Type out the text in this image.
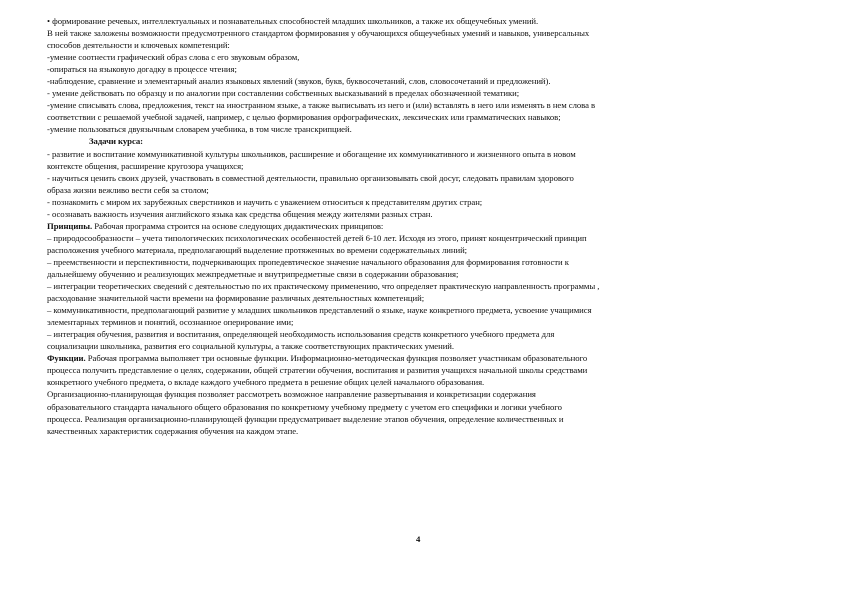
• формирование речевых, интеллектуальных и познавательных способностей младших школьников, а также их общеучебных умений.
В ней также заложены возможности предусмотренного стандартом формирования у обучающихся общеучебных умений и навыков, универсальных
способов деятельности и ключевых компетенций:
-умение соотнести графический образ слова с его звуковым образом,
-опираться на языковую догадку в процессе чтения;
-наблюдение, сравнение и элементарный анализ языковых явлений (звуков, букв, буквосочетаний, слов, словосочетаний и предложений).
- умение действовать по образцу и по аналогии при составлении собственных высказываний в пределах обозначенной тематики;
-умение списывать слова, предложения, текст на иностранном языке, а также выписывать из него и (или) вставлять в него или изменять в нем слова в
соответствии с решаемой учебной задачей, например, с целью формирования орфографических, лексических или грамматических навыков;
-умение пользоваться двуязычным словарем учебника, в том числе транскрипцией.
Задачи курса:
- развитие и воспитание коммуникативной культуры школьников, расширение и обогащение их коммуникативного и жизненного опыта в новом
контексте общения, расширение кругозора учащихся;
- научиться ценить своих друзей, участвовать в совместной деятельности, правильно организовывать свой досуг, следовать правилам здорового
образа жизни вежливо вести себя за столом;
- познакомить с миром их зарубежных сверстников и научить с уважением относиться к представителям других стран;
- осознавать важность изучения английского языка как средства общения между жителями разных стран.
Принципы. Рабочая программа строится на основе следующих дидактических принципов:
– природосообразности – учета типологических психологических особенностей детей 6-10 лет. Исходя из этого, принят концентрический принцип
расположения учебного материала, предполагающий выделение протяженных во времени содержательных линий;
– преемственности и перспективности, подчеркивающих пропедевтическое значение начального образования для формирования готовности к
дальнейшему обучению и реализующих межпредметные и внутрипредметные связи в содержании образования;
– интеграции теоретических сведений с деятельностью по их практическому применению, что определяет практическую направленность программы ,
расходование значительной части времени на формирование различных деятельностных компетенций;
– коммуникативности, предполагающий развитие у младших школьников представлений о языке, науке конкретного предмета, усвоение учащимися
элементарных терминов и понятий, осознанное оперирование ими;
– интеграция обучения, развития и воспитания, определяющей необходимость использования средств конкретного учебного предмета для
социализации школьника, развития его социальной культуры, а также соответствующих практических умений.
Функции. Рабочая программа выполняет три основные функции. Информационно-методическая функция позволяет участникам образовательного
процесса получить представление о целях, содержании, общей стратегии обучения, воспитания и развития учащихся начальной школы средствами
конкретного учебного предмета, о вкладе каждого учебного предмета в решение общих целей начального образования.
Организационно-планирующая функция позволяет рассмотреть возможное направление развертывания и конкретизации содержания
образовательного стандарта начального общего образования по конкретному учебному предмету с учетом его специфики и логики учебного
процесса. Реализация организационно-планирующей функции предусматривает выделение этапов обучения, определение количественных и
качественных характеристик содержания обучения на каждом этапе.
4
